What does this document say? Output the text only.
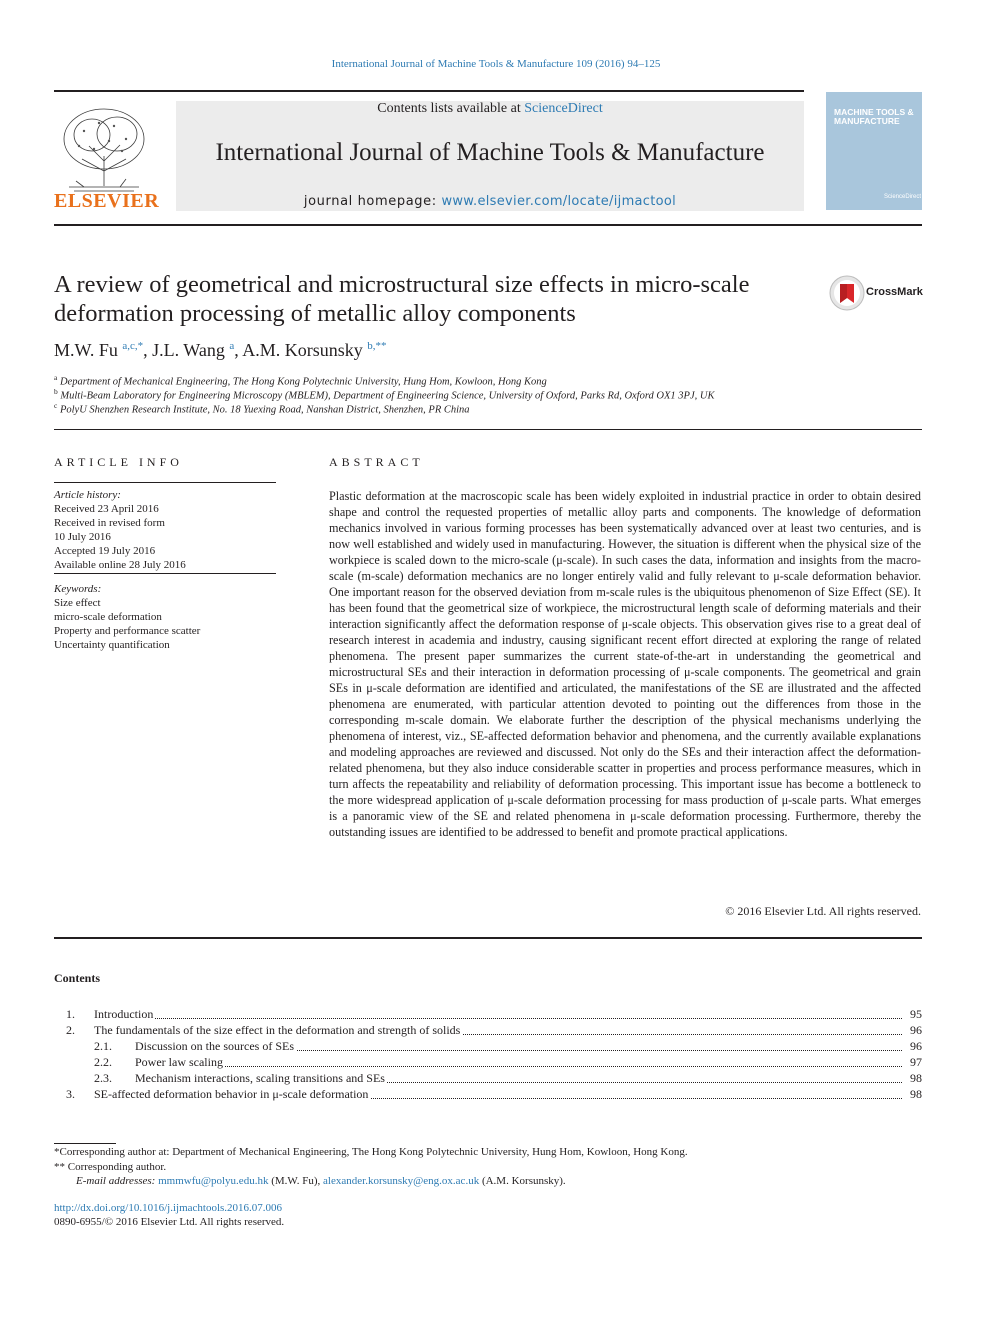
International Journal of Machine Tools & Manufacture 109 (2016) 94–125
ELSEVIER
Contents lists available at ScienceDirect
International Journal of Machine Tools & Manufacture
journal homepage: www.elsevier.com/locate/ijmactool
MACHINE TOOLS & MANUFACTURE
ScienceDirect
A review of geometrical and microstructural size effects in micro-scale
deformation processing of metallic alloy components
CrossMark
M.W. Fu $^{a,c,*}$, J.L. Wang $^a$, A.M. Korsunsky $^{b,**}$
$^a$ Department of Mechanical Engineering, The Hong Kong Polytechnic University, Hung Hom, Kowloon, Hong Kong
$^b$ Multi-Beam Laboratory for Engineering Microscopy (MBLEM), Department of Engineering Science, University of Oxford, Parks Rd, Oxford OX1 3PJ, UK
$^c$ PolyU Shenzhen Research Institute, No. 18 Yuexing Road, Nanshan District, Shenzhen, PR China
ARTICLE INFO
Article history:
Received 23 April 2016
Received in revised form
10 July 2016
Accepted 19 July 2016
Available online 28 July 2016
Keywords:
Size effect
micro-scale deformation
Property and performance scatter
Uncertainty quantification
ABSTRACT
Plastic deformation at the macroscopic scale has been widely exploited in industrial practice in order to obtain desired shape and control the requested properties of metallic alloy parts and components. The knowledge of deformation mechanics involved in various forming processes has been systematically advanced over at least two centuries, and is now well established and widely used in manufacturing. However, the situation is different when the physical size of the workpiece is scaled down to the micro-scale (μ-scale). In such cases the data, information and insights from the macro-scale (m-scale) deformation mechanics are no longer entirely valid and fully relevant to μ-scale deformation behavior. One important reason for the observed deviation from m-scale rules is the ubiquitous phenomenon of Size Effect (SE). It has been found that the geometrical size of workpiece, the microstructural length scale of deforming materials and their interaction significantly affect the deformation response of μ-scale objects. This observation gives rise to a great deal of research interest in academia and industry, causing significant recent effort directed at exploring the range of related phenomena. The present paper summarizes the current state-of-the-art in understanding the geometrical and microstructural SEs and their interaction in deformation processing of μ-scale components. The geometrical and grain SEs in μ-scale deformation are identified and articulated, the manifestations of the SE are illustrated and the affected phenomena are enumerated, with particular attention devoted to pointing out the differences from those in the corresponding m-scale domain. We elaborate further the description of the physical mechanisms underlying the phenomena of interest, viz., SE-affected deformation behavior and phenomena, and the currently available explanations and modeling approaches are reviewed and discussed. Not only do the SEs and their interaction affect the deformation-related phenomena, but they also induce considerable scatter in properties and process performance measures, which in turn affects the repeatability and reliability of deformation processing. This important issue has become a bottleneck to the more widespread application of μ-scale deformation processing for mass production of μ-scale parts. What emerges is a panoramic view of the SE and related phenomena in μ-scale deformation processing. Furthermore, thereby the outstanding issues are identified to be addressed to benefit and promote practical applications.
© 2016 Elsevier Ltd. All rights reserved.
Contents
1. Introduction	95
2. The fundamentals of the size effect in the deformation and strength of solids	96
2.1. Discussion on the sources of SEs	96
2.2. Power law scaling	97
2.3. Mechanism interactions, scaling transitions and SEs	98
3. SE-affected deformation behavior in μ-scale deformation	98
*Corresponding author at: Department of Mechanical Engineering, The Hong Kong Polytechnic University, Hung Hom, Kowloon, Hong Kong.
** Corresponding author.
E-mail addresses: mmmwfu@polyu.edu.hk (M.W. Fu), alexander.korsunsky@eng.ox.ac.uk (A.M. Korsunsky).
http://dx.doi.org/10.1016/j.ijmachtools.2016.07.006
0890-6955/© 2016 Elsevier Ltd. All rights reserved.
